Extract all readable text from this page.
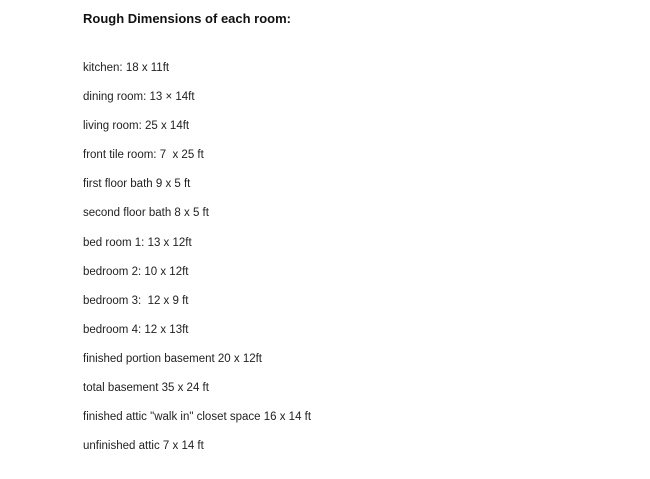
Rough Dimensions of each room:
kitchen: 18 x 11ft
dining room: 13 × 14ft
living room: 25 x 14ft
front tile room: 7  x 25 ft
first floor bath 9 x 5 ft
second floor bath 8 x 5 ft
bed room 1: 13 x 12ft
bedroom 2: 10 x 12ft
bedroom 3:  12 x 9 ft
bedroom 4: 12 x 13ft
finished portion basement 20 x 12ft
total basement 35 x 24 ft
finished attic "walk in" closet space 16 x 14 ft
unfinished attic 7 x 14 ft
